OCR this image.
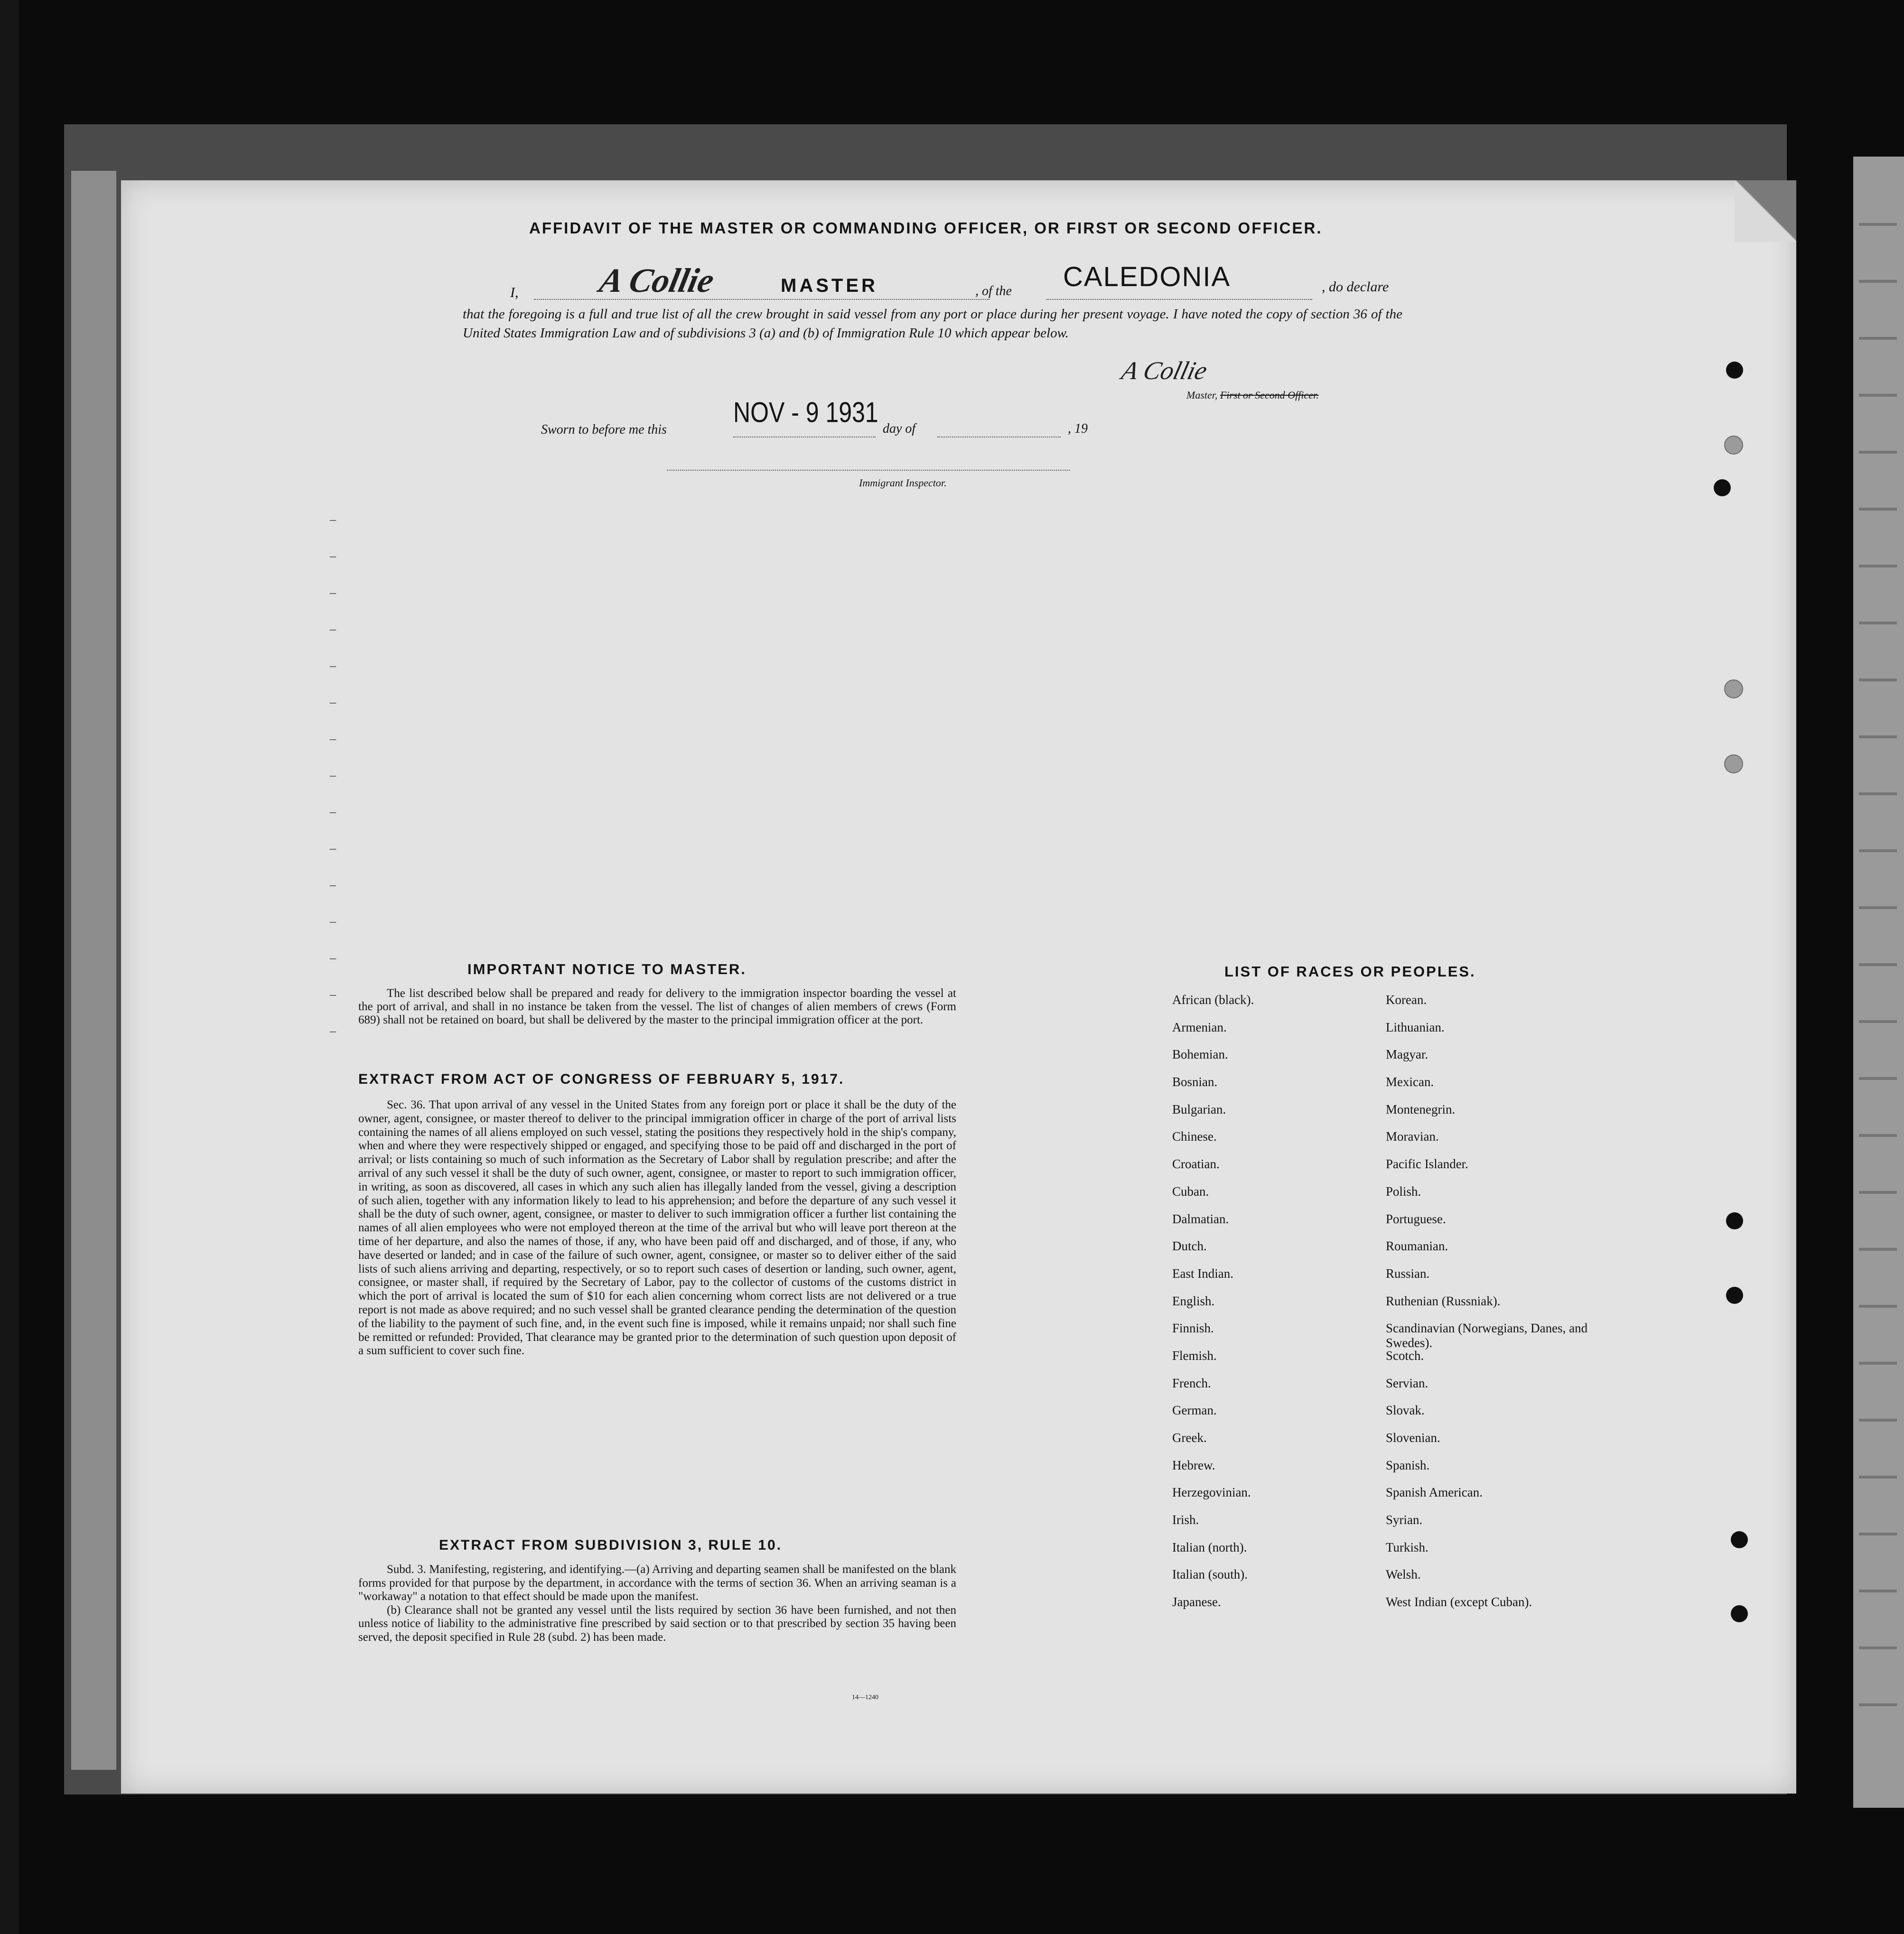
AFFIDAVIT OF THE MASTER OR COMMANDING OFFICER, OR FIRST OR SECOND OFFICER.
I, A Collie	MASTER	, of the CALEDONIA	, do declare
that the foregoing is a full and true list of all the crew brought in said vessel from any port or place during her present voyage. I have noted the copy of section 36 of the United States Immigration Law and of subdivisions 3 (a) and (b) of Immigration Rule 10 which appear below.
A Collie
Master, First or Second Officer.
Sworn to before me this
NOV - 9 1931
day of	, 19
Immigrant Inspector.
–
–
–
–
–
–
–
–
–
–
–
–
–
–
–
IMPORTANT NOTICE TO MASTER.
The list described below shall be prepared and ready for delivery to the immigration inspector boarding the vessel at the port of arrival, and shall in no instance be taken from the vessel. The list of changes of alien members of crews (Form 689) shall not be retained on board, but shall be delivered by the master to the principal immigration officer at the port.
EXTRACT FROM ACT OF CONGRESS OF FEBRUARY 5, 1917.
Sec. 36. That upon arrival of any vessel in the United States from any foreign port or place it shall be the duty of the owner, agent, consignee, or master thereof to deliver to the principal immigration officer in charge of the port of arrival lists containing the names of all aliens employed on such vessel, stating the positions they respectively hold in the ship's company, when and where they were respectively shipped or engaged, and specifying those to be paid off and discharged in the port of arrival; or lists containing so much of such information as the Secretary of Labor shall by regulation prescribe; and after the arrival of any such vessel it shall be the duty of such owner, agent, consignee, or master to report to such immigration officer, in writing, as soon as discovered, all cases in which any such alien has illegally landed from the vessel, giving a description of such alien, together with any information likely to lead to his apprehension; and before the departure of any such vessel it shall be the duty of such owner, agent, consignee, or master to deliver to such immigration officer a further list containing the names of all alien employees who were not employed thereon at the time of the arrival but who will leave port thereon at the time of her departure, and also the names of those, if any, who have been paid off and discharged, and of those, if any, who have deserted or landed; and in case of the failure of such owner, agent, consignee, or master so to deliver either of the said lists of such aliens arriving and departing, respectively, or so to report such cases of desertion or landing, such owner, agent, consignee, or master shall, if required by the Secretary of Labor, pay to the collector of customs of the customs district in which the port of arrival is located the sum of $10 for each alien concerning whom correct lists are not delivered or a true report is not made as above required; and no such vessel shall be granted clearance pending the determination of the question of the liability to the payment of such fine, and, in the event such fine is imposed, while it remains unpaid; nor shall such fine be remitted or refunded: Provided, That clearance may be granted prior to the determination of such question upon deposit of a sum sufficient to cover such fine.
EXTRACT FROM SUBDIVISION 3, RULE 10.
Subd. 3. Manifesting, registering, and identifying.—(a) Arriving and departing seamen shall be manifested on the blank forms provided for that purpose by the department, in accordance with the terms of section 36. When an arriving seaman is a "workaway" a notation to that effect should be made upon the manifest.
(b) Clearance shall not be granted any vessel until the lists required by section 36 have been furnished, and not then unless notice of liability to the administrative fine prescribed by said section or to that prescribed by section 35 having been served, the deposit specified in Rule 28 (subd. 2) has been made.
14—1240
LIST OF RACES OR PEOPLES.
African (black).	Korean.
Armenian.	Lithuanian.
Bohemian.	Magyar.
Bosnian.	Mexican.
Bulgarian.	Montenegrin.
Chinese.	Moravian.
Croatian.	Pacific Islander.
Cuban.	Polish.
Dalmatian.	Portuguese.
Dutch.	Roumanian.
East Indian.	Russian.
English.	Ruthenian (Russniak).
Finnish.	Scandinavian (Norwegians, Danes, and Swedes).
Flemish.	Scotch.
French.	Servian.
German.	Slovak.
Greek.	Slovenian.
Hebrew.	Spanish.
Herzegovinian.	Spanish American.
Irish.	Syrian.
Italian (north).	Turkish.
Italian (south).	Welsh.
Japanese.	West Indian (except Cuban).
